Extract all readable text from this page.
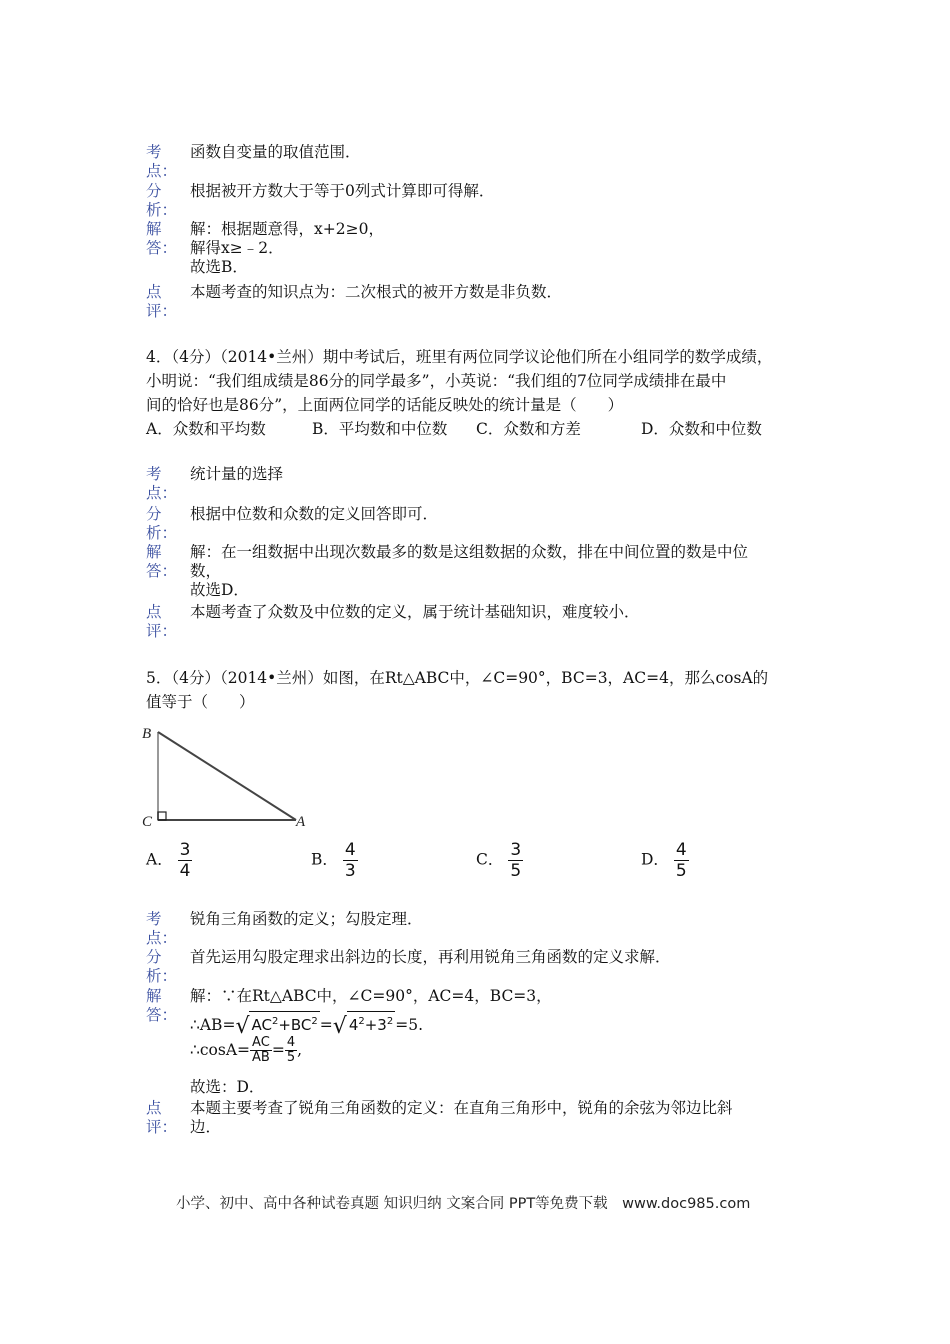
考
点：
函数自变量的取值范围．
分
析：
根据被开方数大于等于0列式计算即可得解．
解
答：
解：根据题意得，x+2≥0，
解得x≥﹣2．
故选B．
点
评：
本题考查的知识点为：二次根式的被开方数是非负数．
4．（4分）（2014•兰州）期中考试后，班里有两位同学议论他们所在小组同学的数学成绩，
小明说：“我们组成绩是86分的同学最多”，小英说：“我们组的7位同学成绩排在最中
间的恰好也是86分”，上面两位同学的话能反映处的统计量是（　　）
A．众数和平均数	B．平均数和中位数 C．众数和方差	D．众数和中位数
考
点：
统计量的选择
分
析：
根据中位数和众数的定义回答即可．
解
答：
解：在一组数据中出现次数最多的数是这组数据的众数，排在中间位置的数是中位
数，
故选D．
点
评：
本题考查了众数及中位数的定义，属于统计基础知识，难度较小．
5．（4分）（2014•兰州）如图，在Rt△ABC中，∠C=90°，BC=3，AC=4，那么cosA的
值等于（　　）
B
C	A
A． $\frac{3}{4}$	B． $\frac{4}{3}$	C． $\frac{3}{5}$	D． $\frac{4}{5}$
考
点：
锐角三角函数的定义；勾股定理．
分
析：
首先运用勾股定理求出斜边的长度，再利用锐角三角函数的定义求解．
解
答：
解：∵在Rt△ABC中，∠C=90°，AC=4，BC=3，
∴AB=√ $AC^2+BC^2$ =√ $4^2+3^2 =5$.
∴cosA= $\frac{AC}{AB} = \frac{4}{5}$ ,
故选：D．
点
评：
本题主要考查了锐角三角函数的定义：在直角三角形中，锐角的余弦为邻边比斜
边．
小学、初中、高中各种试卷真题 知识归纳 文案合同 PPT等免费下载　www.doc985.com
